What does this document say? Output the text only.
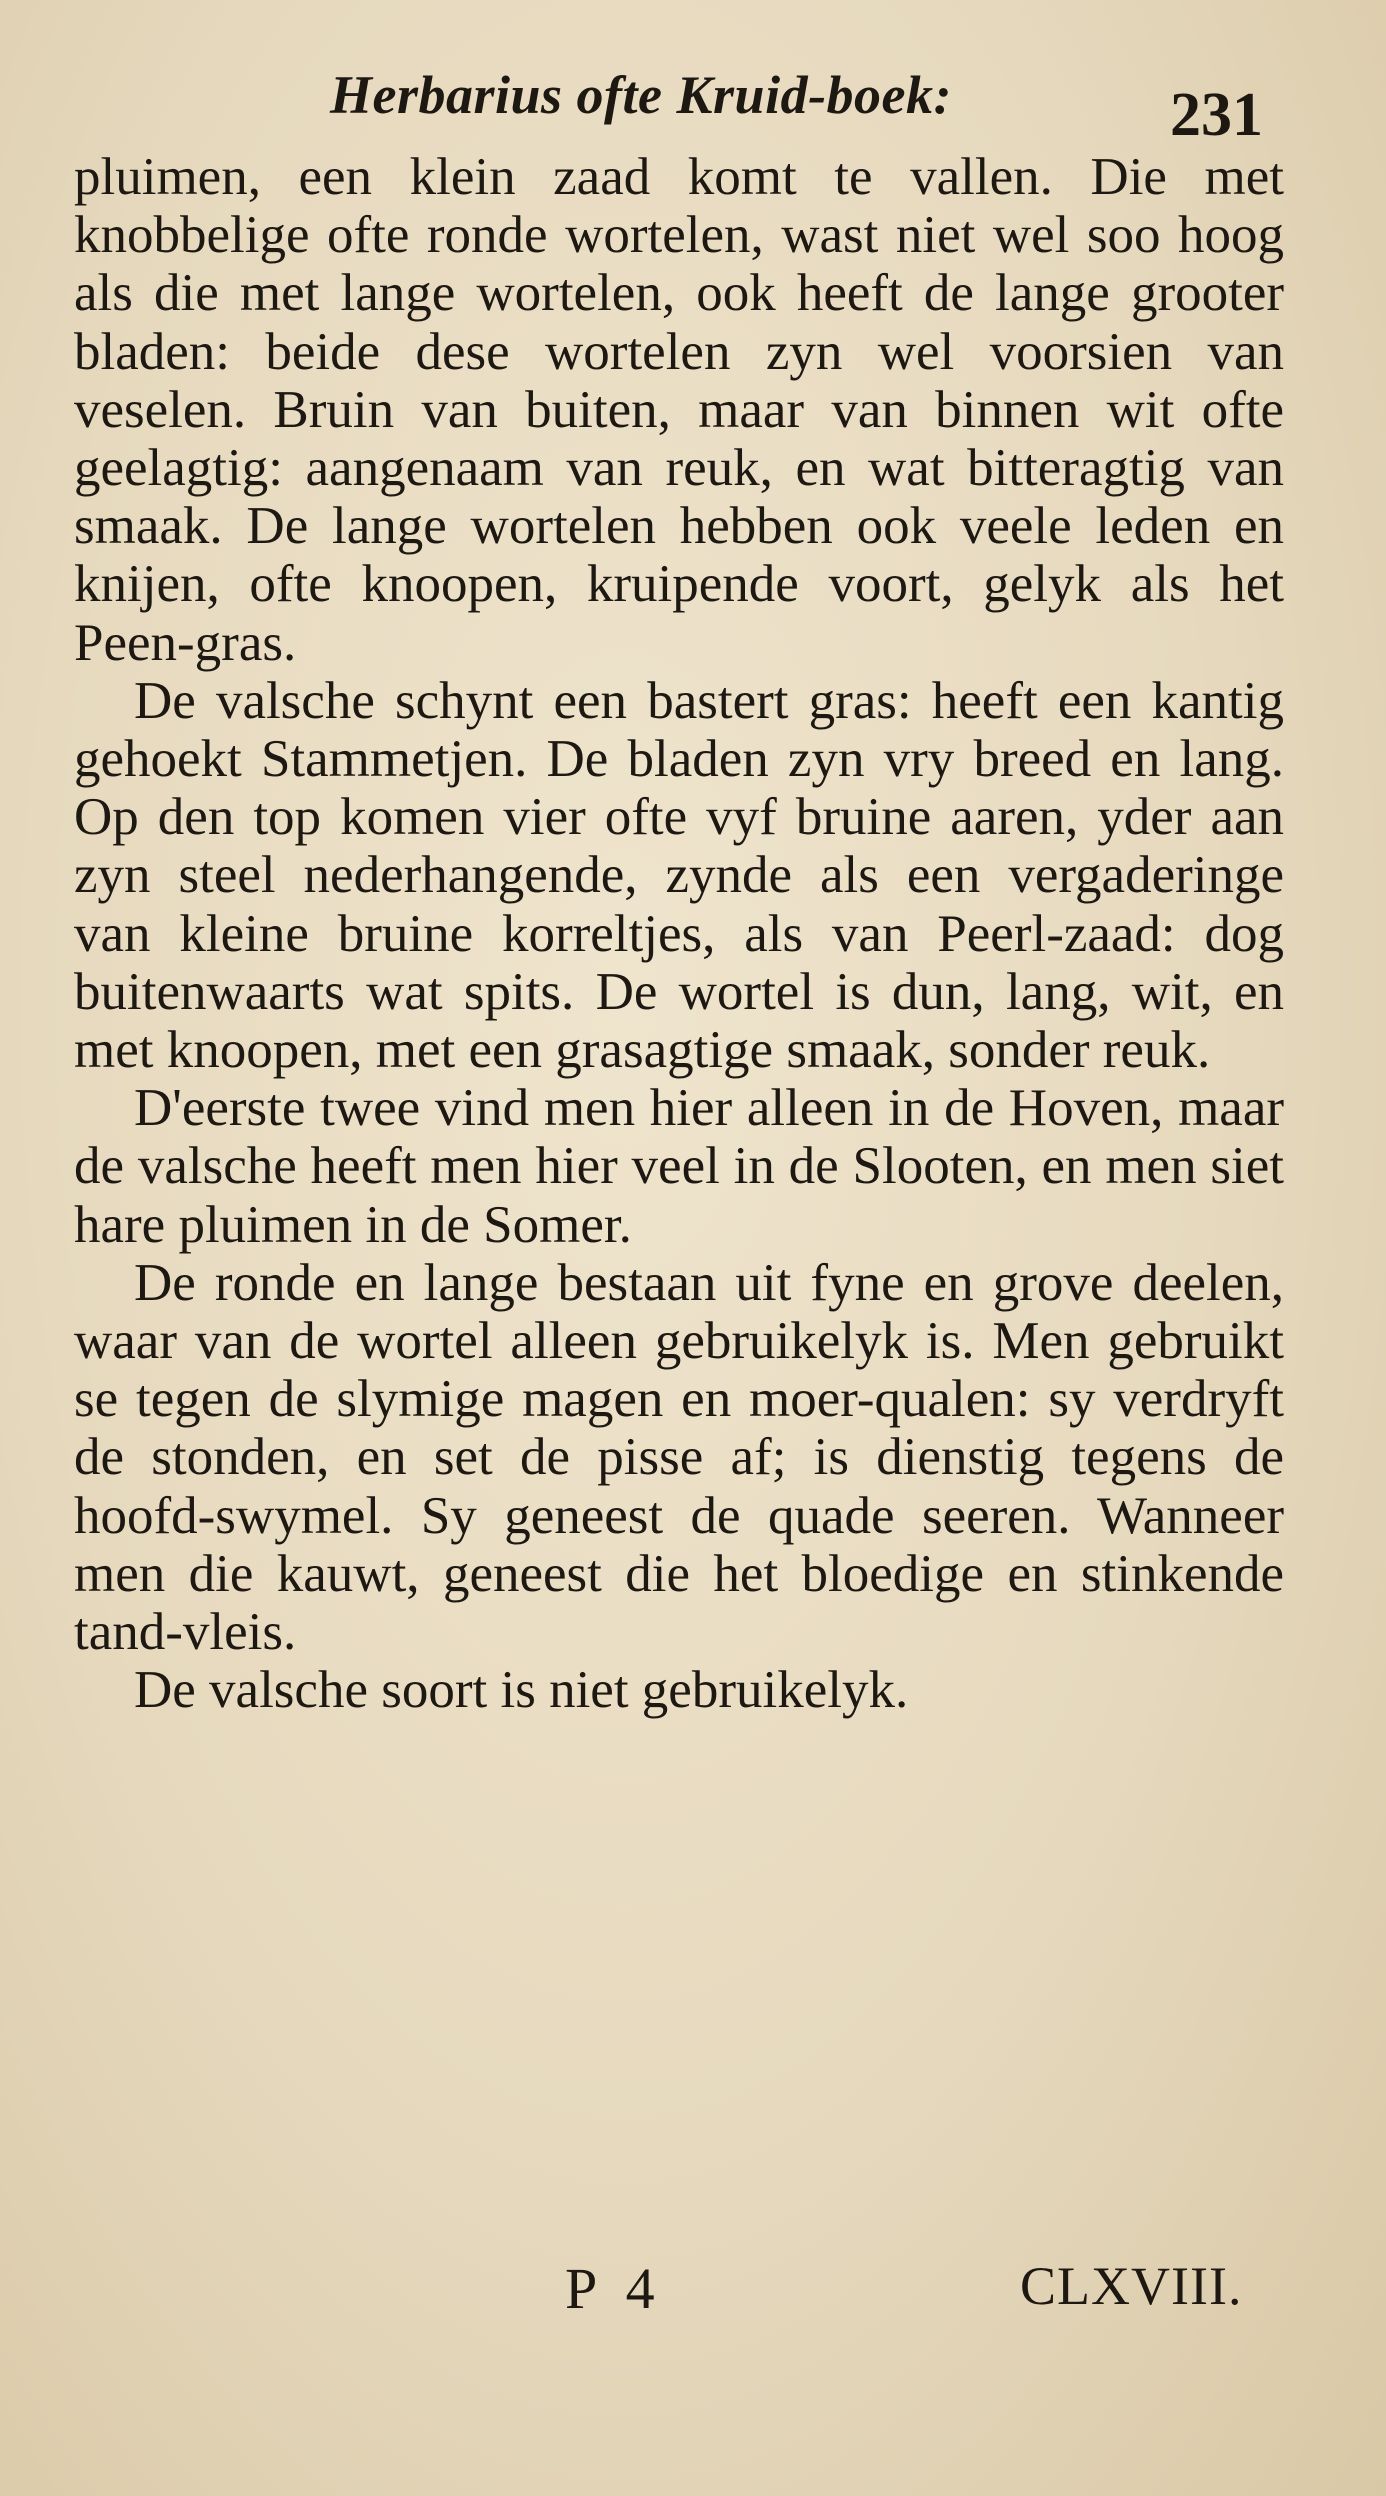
Herbarius ofte Kruid-boek:	231

pluimen, een klein zaad komt te vallen. Die met knobbelige ofte ronde wortelen, wast niet wel soo hoog als die met lange wortelen, ook heeft de lange grooter bladen: beide dese wortelen zyn wel voorsien van veselen. Bruin van buiten, maar van binnen wit ofte geelagtig: aangenaam van reuk, en wat bitteragtig van smaak. De lange wortelen hebben ook veele leden en knijen, ofte knoopen, kruipende voort, gelyk als het Peen-gras.

De valsche schynt een bastert gras: heeft een kantig gehoekt Stammetjen. De bladen zyn vry breed en lang. Op den top komen vier ofte vyf bruine aaren, yder aan zyn steel nederhangende, zynde als een vergaderinge van kleine bruine korreltjes, als van Peerl-zaad: dog buitenwaarts wat spits. De wortel is dun, lang, wit, en met knoopen, met een grasagtige smaak, sonder reuk.

D'eerste twee vind men hier alleen in de Hoven, maar de valsche heeft men hier veel in de Slooten, en men siet hare pluimen in de Somer.

De ronde en lange bestaan uit fyne en grove deelen, waar van de wortel alleen gebruikelyk is. Men gebruikt se tegen de slymige magen en moer-qualen: sy verdryft de stonden, en set de pisse af; is dienstig tegens de hoofd-swymel. Sy geneest de quade seeren. Wanneer men die kauwt, geneest die het bloedige en stinkende tand-vleis.

De valsche soort is niet gebruikelyk.

P 4	CLXVIII.
